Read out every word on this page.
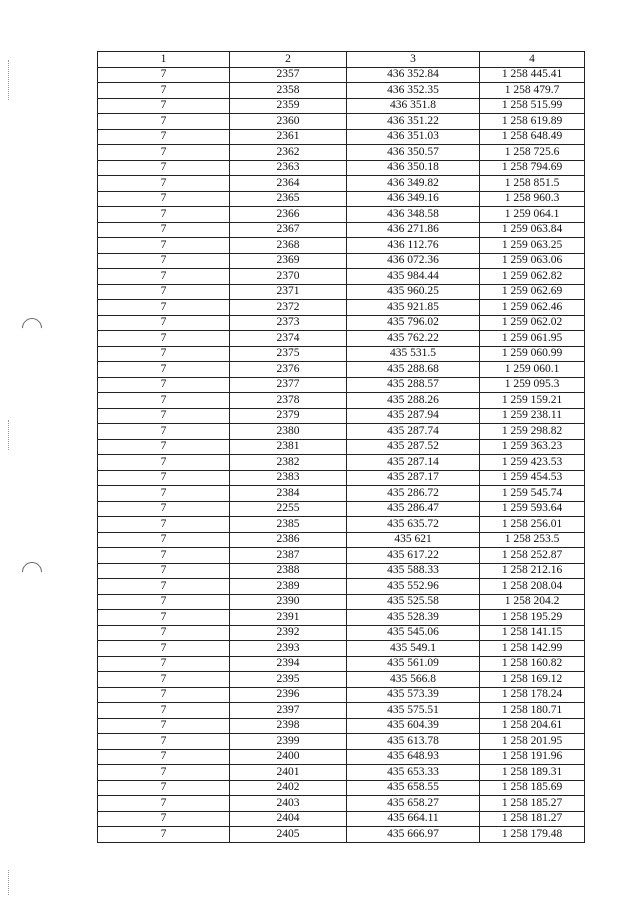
1	2	3	4
7	2357	436 352.84	1 258 445.41
7	2358	436 352.35	1 258 479.7
7	2359	436 351.8	1 258 515.99
7	2360	436 351.22	1 258 619.89
7	2361	436 351.03	1 258 648.49
7	2362	436 350.57	1 258 725.6
7	2363	436 350.18	1 258 794.69
7	2364	436 349.82	1 258 851.5
7	2365	436 349.16	1 258 960.3
7	2366	436 348.58	1 259 064.1
7	2367	436 271.86	1 259 063.84
7	2368	436 112.76	1 259 063.25
7	2369	436 072.36	1 259 063.06
7	2370	435 984.44	1 259 062.82
7	2371	435 960.25	1 259 062.69
7	2372	435 921.85	1 259 062.46
7	2373	435 796.02	1 259 062.02
7	2374	435 762.22	1 259 061.95
7	2375	435 531.5	1 259 060.99
7	2376	435 288.68	1 259 060.1
7	2377	435 288.57	1 259 095.3
7	2378	435 288.26	1 259 159.21
7	2379	435 287.94	1 259 238.11
7	2380	435 287.74	1 259 298.82
7	2381	435 287.52	1 259 363.23
7	2382	435 287.14	1 259 423.53
7	2383	435 287.17	1 259 454.53
7	2384	435 286.72	1 259 545.74
7	2255	435 286.47	1 259 593.64
7	2385	435 635.72	1 258 256.01
7	2386	435 621	1 258 253.5
7	2387	435 617.22	1 258 252.87
7	2388	435 588.33	1 258 212.16
7	2389	435 552.96	1 258 208.04
7	2390	435 525.58	1 258 204.2
7	2391	435 528.39	1 258 195.29
7	2392	435 545.06	1 258 141.15
7	2393	435 549.1	1 258 142.99
7	2394	435 561.09	1 258 160.82
7	2395	435 566.8	1 258 169.12
7	2396	435 573.39	1 258 178.24
7	2397	435 575.51	1 258 180.71
7	2398	435 604.39	1 258 204.61
7	2399	435 613.78	1 258 201.95
7	2400	435 648.93	1 258 191.96
7	2401	435 653.33	1 258 189.31
7	2402	435 658.55	1 258 185.69
7	2403	435 658.27	1 258 185.27
7	2404	435 664.11	1 258 181.27
7	2405	435 666.97	1 258 179.48
